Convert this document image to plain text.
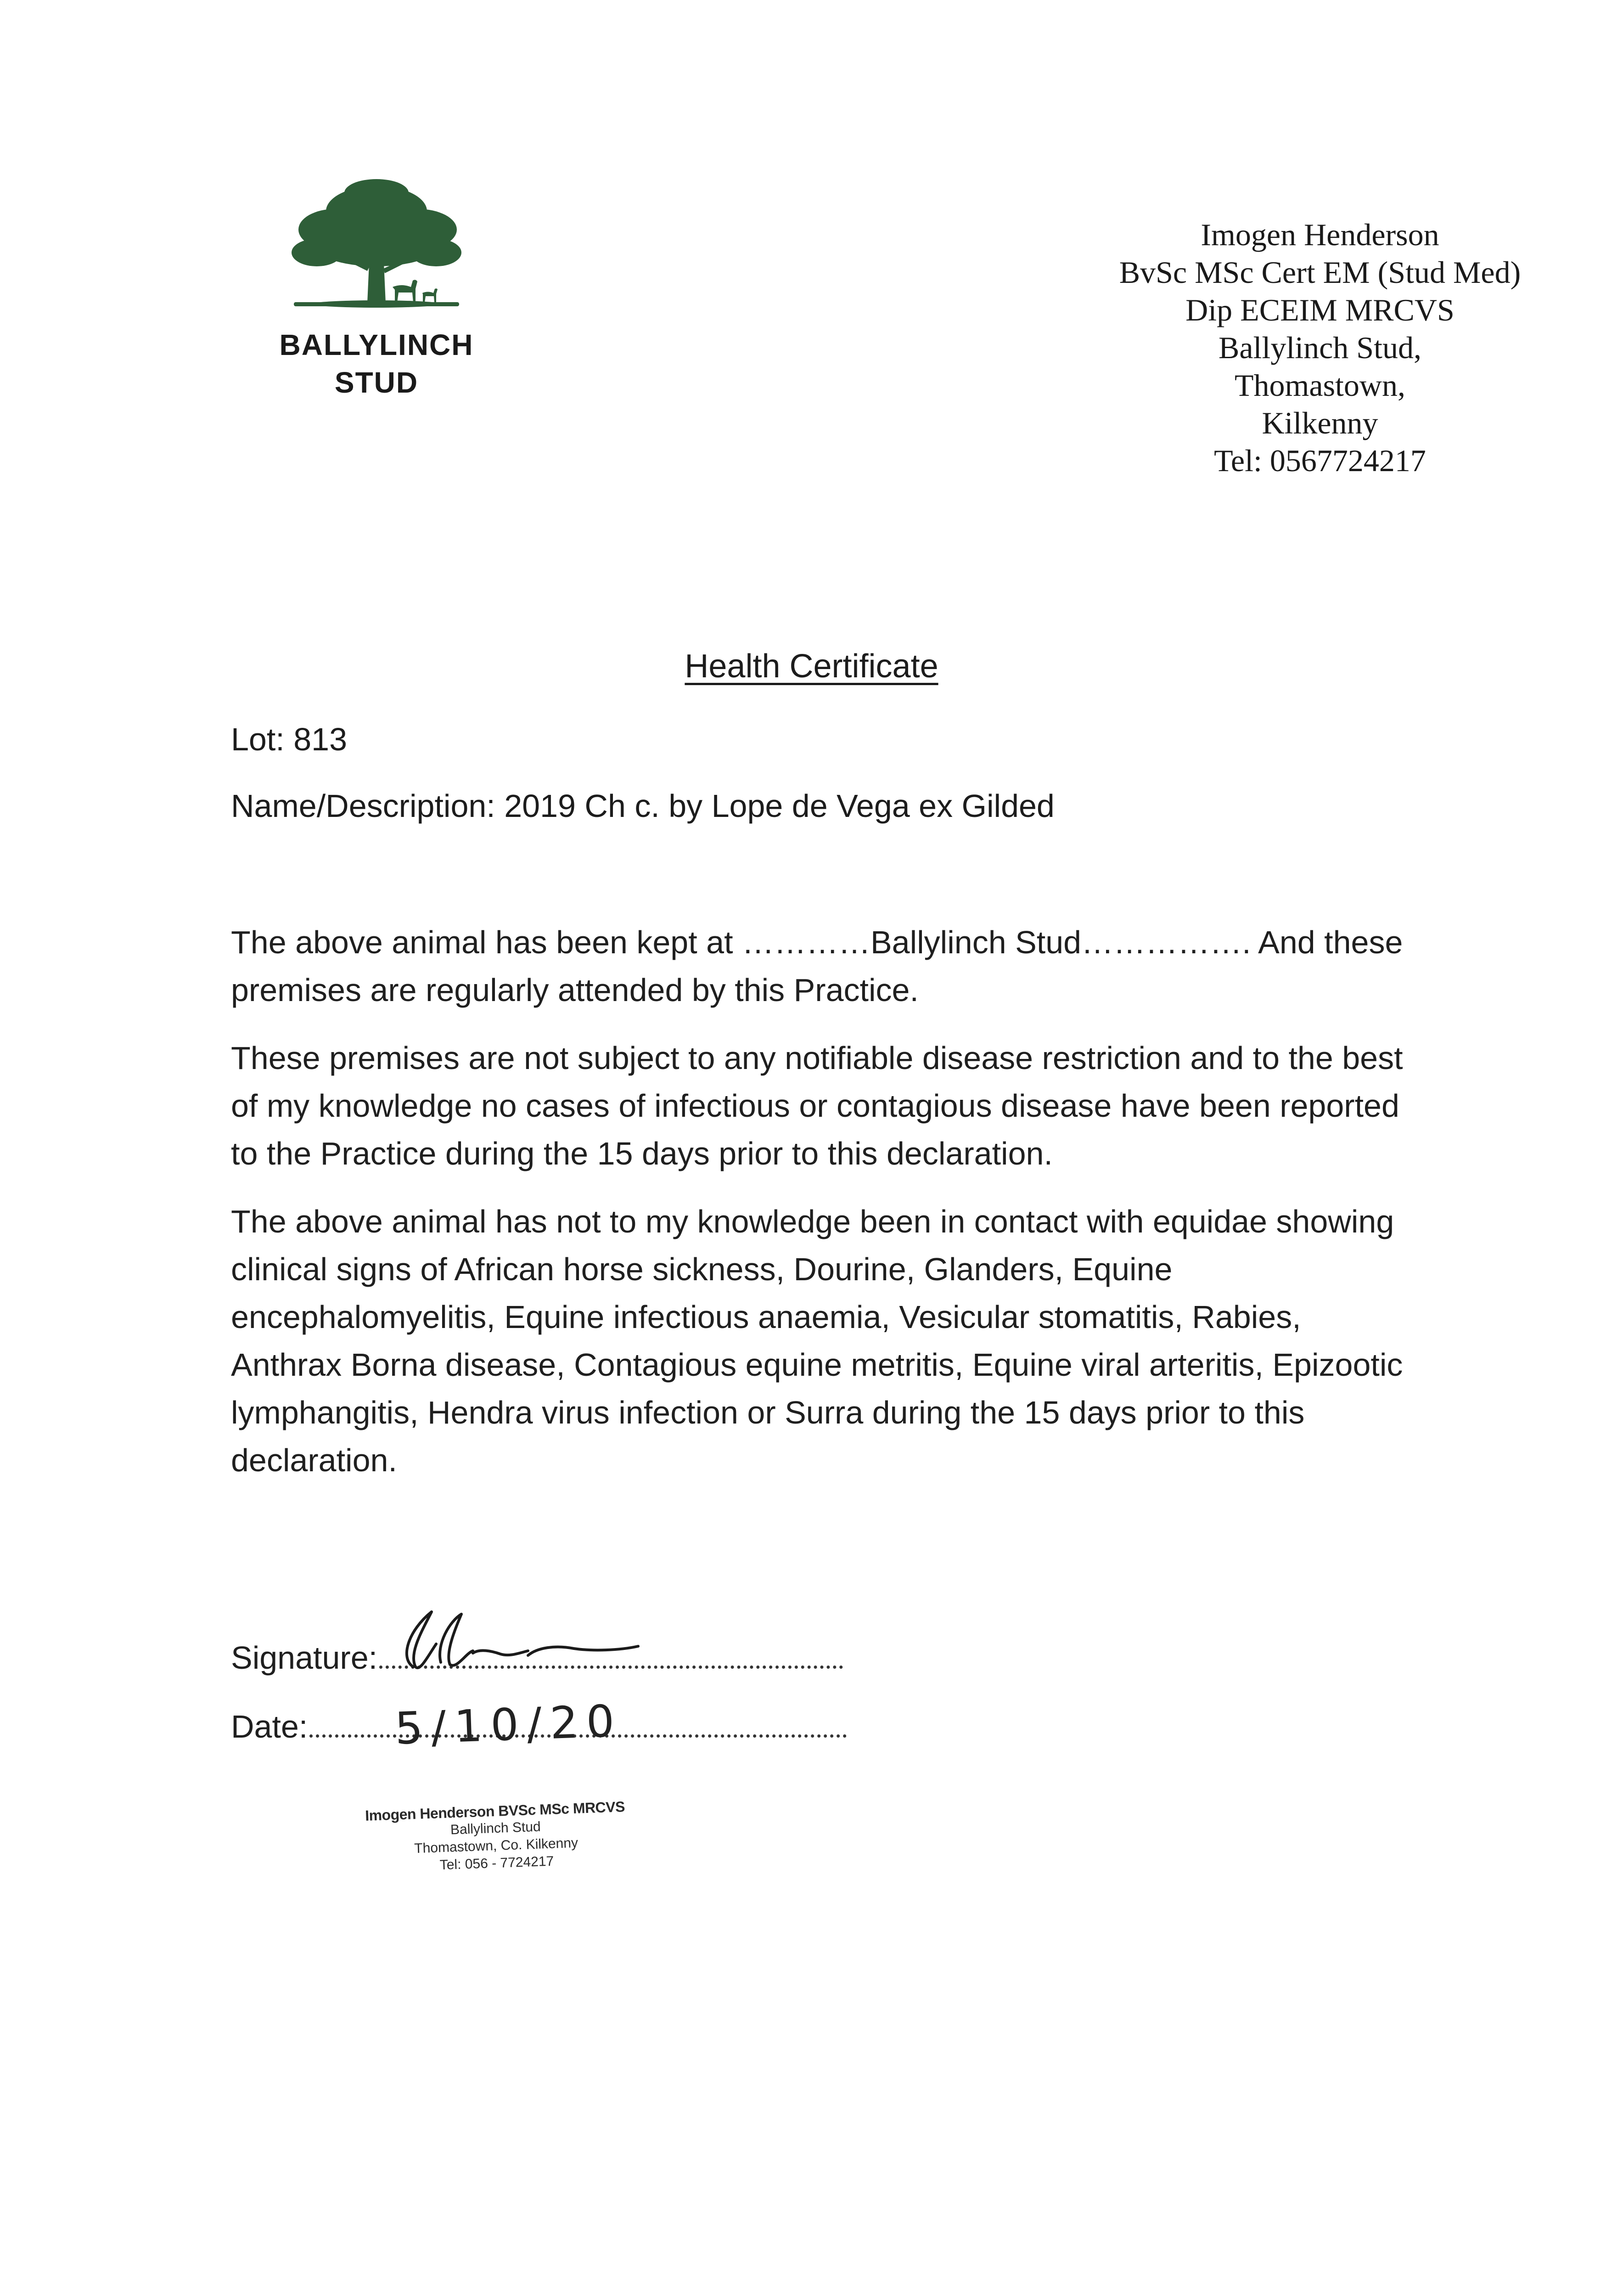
BALLYLINCH
STUD
Imogen Henderson
BvSc MSc Cert EM (Stud Med)
Dip ECEIM MRCVS
Ballylinch Stud,
Thomastown,
Kilkenny
Tel: 0567724217
Health Certificate
Lot: 813
Name/Description: 2019 Ch c. by Lope de Vega ex Gilded

The above animal has been kept at …………Ballylinch Stud……………. And these premises are regularly attended by this Practice.

These premises are not subject to any notifiable disease restriction and to the best of my knowledge no cases of infectious or contagious disease have been reported to the Practice during the 15 days prior to this declaration.

The above animal has not to my knowledge been in contact with equidae showing clinical signs of African horse sickness, Dourine, Glanders, Equine encephalomyelitis, Equine infectious anaemia, Vesicular stomatitis, Rabies, Anthrax Borna disease, Contagious equine metritis, Equine viral arteritis, Epizootic lymphangitis, Hendra virus infection or Surra during the 15 days prior to this declaration.

Signature:
Date:	5/10/20
Imogen Henderson BVSc MSc MRCVS
Ballylinch Stud
Thomastown, Co. Kilkenny
Tel: 056 - 7724217
